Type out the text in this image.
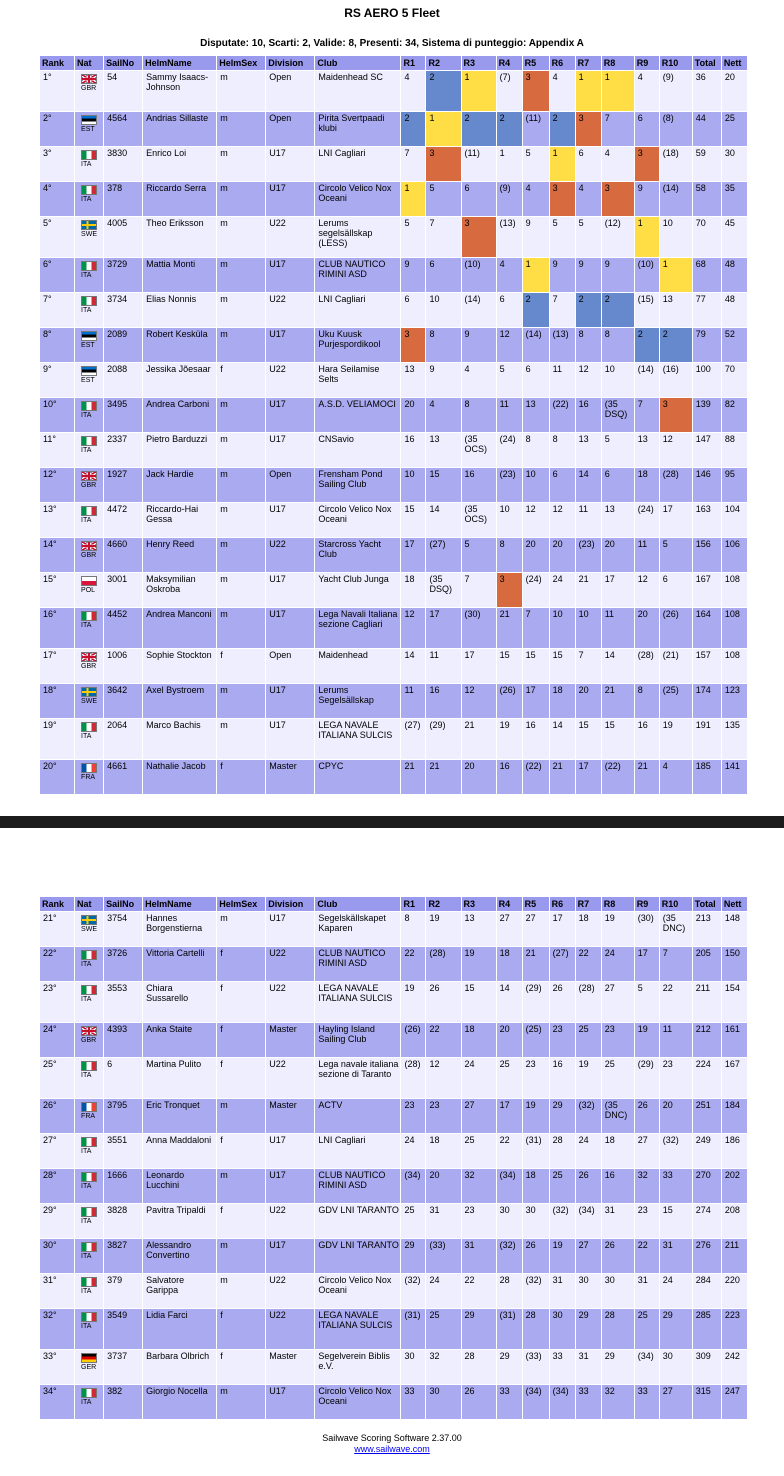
RS AERO 5 Fleet
Disputate: 10, Scarti: 2, Valide: 8, Presenti: 34, Sistema di punteggio: Appendix A
Rank	Nat	SailNo	HelmName	HelmSex	Division	Club	R1	R2	R3	R4	R5	R6	R7	R8	R9	R10	Total	Nett
1°	GBR	54	Sammy Isaacs-Johnson	m	Open	Maidenhead SC	4	2	1	(7)	3	4	1	1	4	(9)	36	20
2°	EST	4564	Andrias Sillaste	m	Open	Pirita Svertpaadi klubi	2	1	2	2	(11)	2	3	7	6	(8)	44	25
3°	ITA	3830	Enrico Loi	m	U17	LNI Cagliari	7	3	(11)	1	5	1	6	4	3	(18)	59	30
4°	ITA	378	Riccardo Serra	m	U17	Circolo Velico Nox Oceani	1	5	6	(9)	4	3	4	3	9	(14)	58	35
5°	SWE	4005	Theo Eriksson	m	U22	Lerums segelsällskap (LESS)	5	7	3	(13)	9	5	5	(12)	1	10	70	45
6°	ITA	3729	Mattia Monti	m	U17	CLUB NAUTICO RIMINI ASD	9	6	(10)	4	1	9	9	9	(10)	1	68	48
7°	ITA	3734	Elias Nonnis	m	U22	LNI Cagliari	6	10	(14)	6	2	7	2	2	(15)	13	77	48
8°	EST	2089	Robert Kesküla	m	U17	Uku Kuusk Purjespordikool	3	8	9	12	(14)	(13)	8	8	2	2	79	52
9°	EST	2088	Jessika Jõesaar	f	U22	Hara Seilamise Selts	13	9	4	5	6	11	12	10	(14)	(16)	100	70
10°	ITA	3495	Andrea Carboni	m	U17	A.S.D. VELIAMOCI	20	4	8	11	13	(22)	16	(35 DSQ)	7	3	139	82
11°	ITA	2337	Pietro Barduzzi	m	U17	CNSavio	16	13	(35 OCS)	(24)	8	8	13	5	13	12	147	88
12°	GBR	1927	Jack Hardie	m	Open	Frensham Pond Sailing Club	10	15	16	(23)	10	6	14	6	18	(28)	146	95
13°	ITA	4472	Riccardo-Hai Gessa	m	U17	Circolo Velico Nox Oceani	15	14	(35 OCS)	10	12	12	11	13	(24)	17	163	104
14°	GBR	4660	Henry Reed	m	U22	Starcross Yacht Club	17	(27)	5	8	20	20	(23)	20	11	5	156	106
15°	POL	3001	Maksymilian Oskroba	m	U17	Yacht Club Junga	18	(35 DSQ)	7	3	(24)	24	21	17	12	6	167	108
16°	ITA	4452	Andrea Manconi	m	U17	Lega Navali Italiana sezione Cagliari	12	17	(30)	21	7	10	10	11	20	(26)	164	108
17°	GBR	1006	Sophie Stockton	f	Open	Maidenhead	14	11	17	15	15	15	7	14	(28)	(21)	157	108
18°	SWE	3642	Axel Bystroem	m	U17	Lerums Segelsällskap	11	16	12	(26)	17	18	20	21	8	(25)	174	123
19°	ITA	2064	Marco Bachis	m	U17	LEGA NAVALE ITALIANA SULCIS	(27)	(29)	21	19	16	14	15	15	16	19	191	135
20°	FRA	4661	Nathalie Jacob	f	Master	CPYC	21	21	20	16	(22)	21	17	(22)	21	4	185	141
Rank	Nat	SailNo	HelmName	HelmSex	Division	Club	R1	R2	R3	R4	R5	R6	R7	R8	R9	R10	Total	Nett
21°	SWE	3754	Hannes Borgenstierna	m	U17	Segelskällskapet Kaparen	8	19	13	27	27	17	18	19	(30)	(35 DNC)	213	148
22°	ITA	3726	Vittoria Cartelli	f	U22	CLUB NAUTICO RIMINI ASD	22	(28)	19	18	21	(27)	22	24	17	7	205	150
23°	ITA	3553	Chiara Sussarello	f	U22	LEGA NAVALE ITALIANA SULCIS	19	26	15	14	(29)	26	(28)	27	5	22	211	154
24°	GBR	4393	Anka Staite	f	Master	Hayling Island Sailing Club	(26)	22	18	20	(25)	23	25	23	19	11	212	161
25°	ITA	6	Martina Pulito	f	U22	Lega navale italiana sezione di Taranto	(28)	12	24	25	23	16	19	25	(29)	23	224	167
26°	FRA	3795	Eric Tronquet	m	Master	ACTV	23	23	27	17	19	29	(32)	(35 DNC)	26	20	251	184
27°	ITA	3551	Anna Maddaloni	f	U17	LNI Cagliari	24	18	25	22	(31)	28	24	18	27	(32)	249	186
28°	ITA	1666	Leonardo Lucchini	m	U17	CLUB NAUTICO RIMINI ASD	(34)	20	32	(34)	18	25	26	16	32	33	270	202
29°	ITA	3828	Pavitra Tripaldi	f	U22	GDV LNI TARANTO	25	31	23	30	30	(32)	(34)	31	23	15	274	208
30°	ITA	3827	Alessandro Convertino	m	U17	GDV LNI TARANTO	29	(33)	31	(32)	26	19	27	26	22	31	276	211
31°	ITA	379	Salvatore Garippa	m	U22	Circolo Velico Nox Oceani	(32)	24	22	28	(32)	31	30	30	31	24	284	220
32°	ITA	3549	Lidia Farci	f	U22	LEGA NAVALE ITALIANA SULCIS	(31)	25	29	(31)	28	30	29	28	25	29	285	223
33°	GER	3737	Barbara Olbrich	f	Master	Segelverein Biblis e.V.	30	32	28	29	(33)	33	31	29	(34)	30	309	242
34°	ITA	382	Giorgio Nocella	m	U17	Circolo Velico Nox Oceani	33	30	26	33	(34)	(34)	33	32	33	27	315	247
Sailwave Scoring Software 2.37.00
www.sailwave.com
